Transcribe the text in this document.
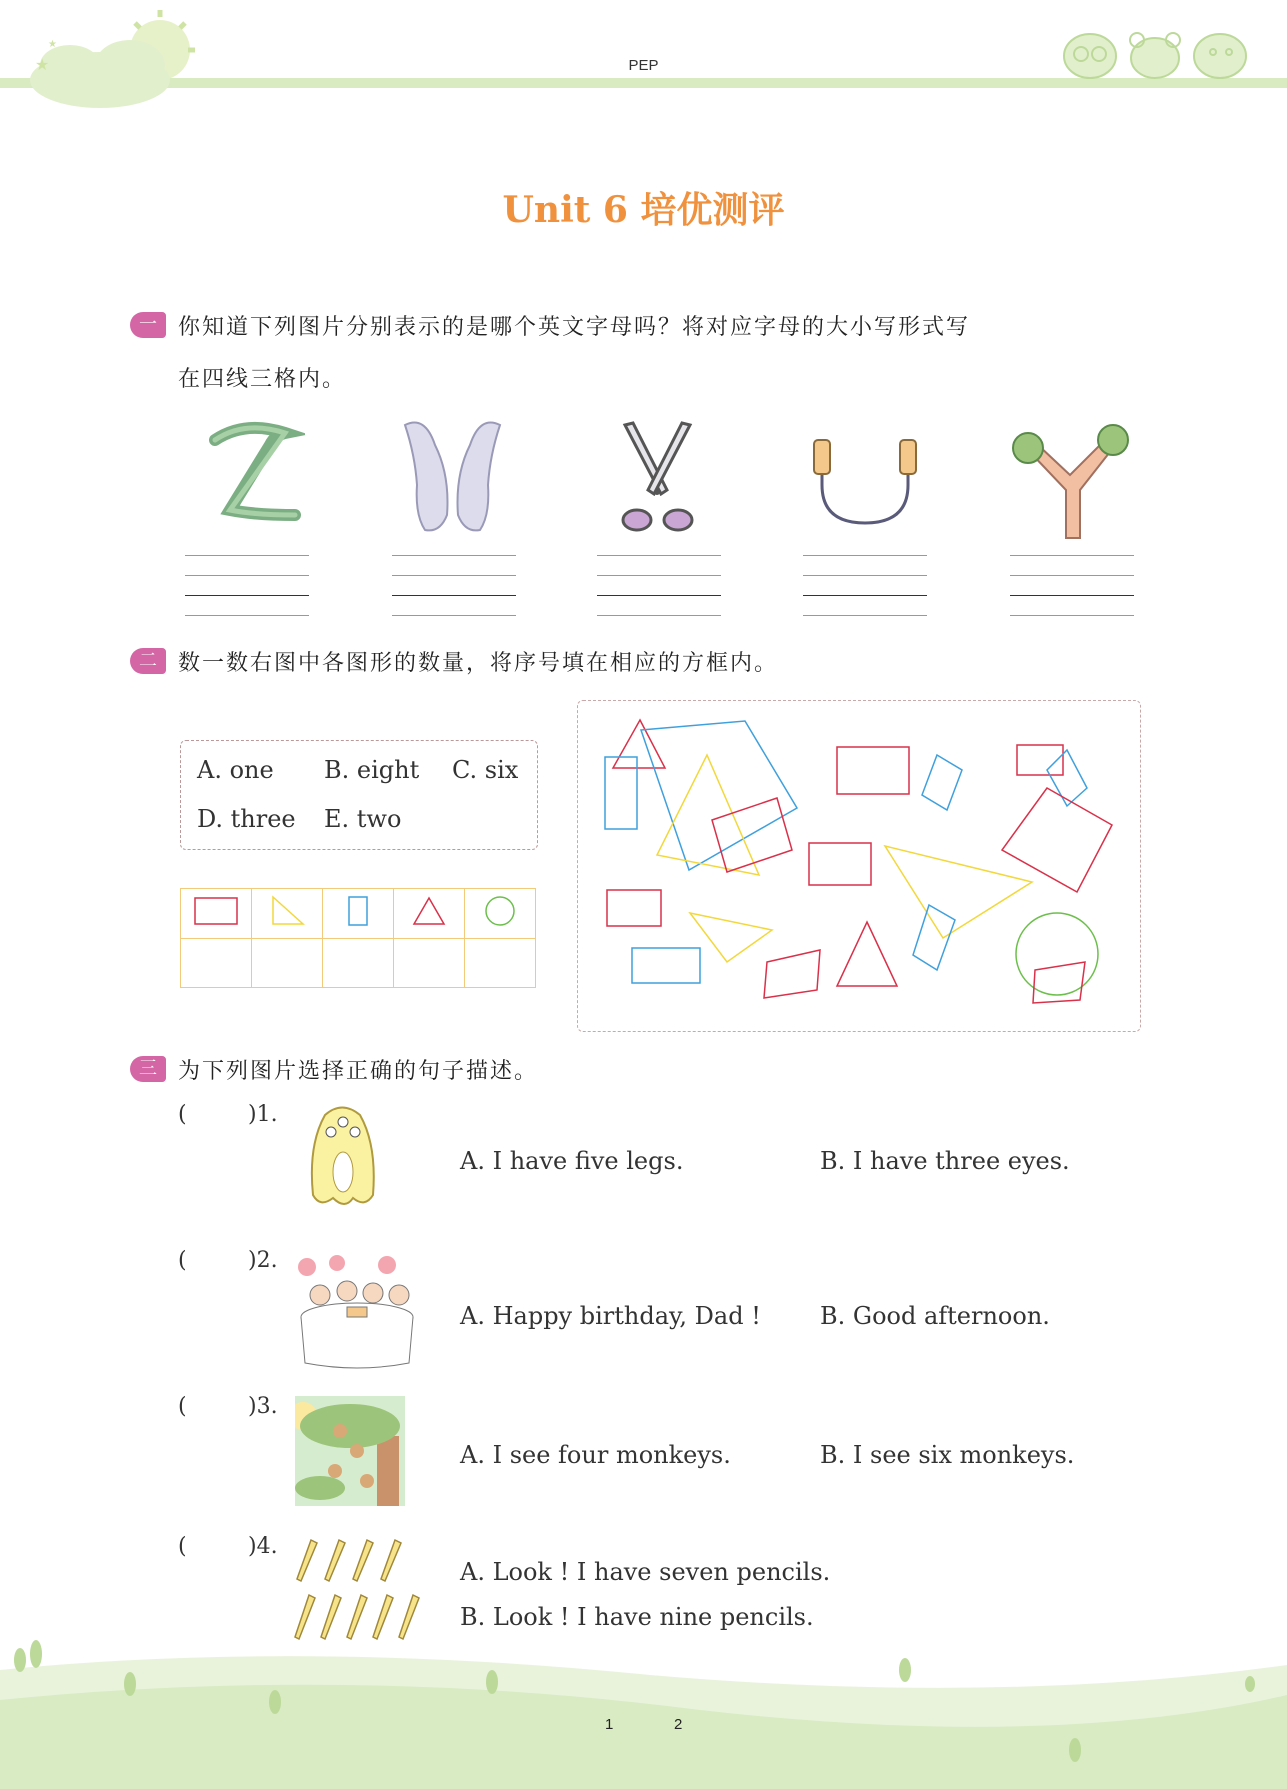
★
★
PEP
Unit 6 培优测评
一 你知道下列图片分别表示的是哪个英文字母吗？将对应字母的大小写形式写
在四线三格内。
二 数一数右图中各图形的数量，将序号填在相应的方框内。
A. one B. eight C. six
D. three E. two

三 为下列图片选择正确的句子描述。
(	)1.
A. I have five legs.	B. I have three eyes.
(	)2.
A. Happy birthday, Dad ! B. Good afternoon.
(	)3.
A. I see four monkeys.	B. I see six monkeys.
(	)4.
A. Look ! I have seven pencils.
B. Look ! I have nine pencils.
1	2
